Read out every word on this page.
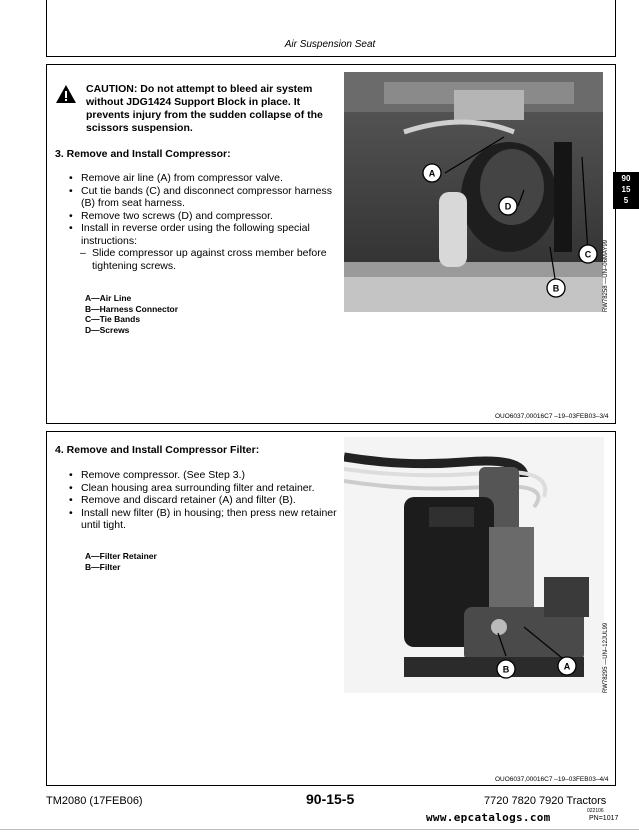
Air Suspension Seat
CAUTION: Do not attempt to bleed air system without JDG1424 Support Block in place. It prevents injury from the sudden collapse of the scissors suspension.
3. Remove and Install Compressor:
• Remove air line (A) from compressor valve.
• Cut tie bands (C) and disconnect compressor harness (B) from seat harness.
• Remove two screws (D) and compressor.
• Install in reverse order using the following special instructions:
– Slide compressor up against cross member before tightening screws.
A—Air Line
B—Harness Connector
C—Tie Bands
D—Screws
A
D
C
B	RW78258 —UN–06MAY99
OUO6037,00016C7 –19–03FEB03–3/4
90
15
5
4. Remove and Install Compressor Filter:
• Remove compressor. (See Step 3.)
• Clean housing area surrounding filter and retainer.
• Remove and discard retainer (A) and filter (B).
• Install new filter (B) in housing; then press new retainer until tight.
A—Filter Retainer
B—Filter
B	A	RW78295 —UN–12JUL99
OUO6037,00016C7 –19–03FEB03–4/4
TM2080 (17FEB06)	90-15-5	7720 7820 7920 Tractors
022106
PN=1017
www.epcatalogs.com
